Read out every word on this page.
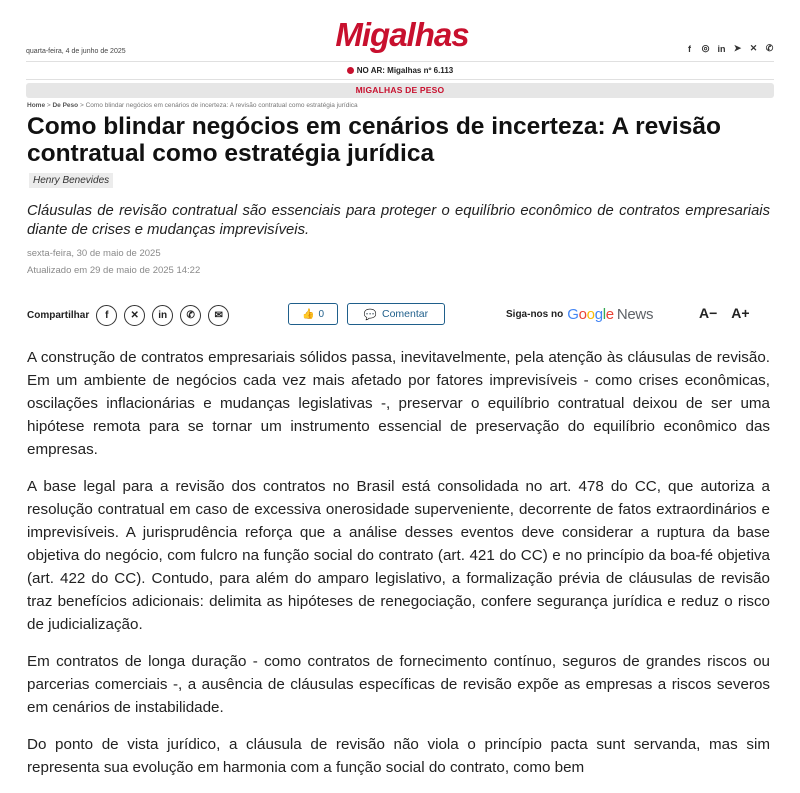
quarta-feira, 4 de junho de 2025	Migalhas	f	◎ in ➤ ✕ ✆
NO AR: Migalhas nº 6.113
MIGALHAS DE PESO
Home > De Peso > Como blindar negócios em cenários de incerteza: A revisão contratual como estratégia jurídica
Como blindar negócios em cenários de incerteza: A revisão contratual como estratégia jurídica
Henry Benevides

Cláusulas de revisão contratual são essenciais para proteger o equilíbrio econômico de contratos empresariais diante de crises e mudanças imprevisíveis.

sexta-feira, 30 de maio de 2025
Atualizado em 29 de maio de 2025 14:22
Compartilhar	f	✕	in	✆	✉	👍 0	💬 Comentar	Siga-nos no Google News	A− A+

A construção de contratos empresariais sólidos passa, inevitavelmente, pela atenção às cláusulas de revisão. Em um ambiente de negócios cada vez mais afetado por fatores imprevisíveis - como crises econômicas, oscilações inflacionárias e mudanças legislativas -, preservar o equilíbrio contratual deixou de ser uma hipótese remota para se tornar um instrumento essencial de preservação do equilíbrio econômico das empresas.

A base legal para a revisão dos contratos no Brasil está consolidada no art. 478 do CC, que autoriza a resolução contratual em caso de excessiva onerosidade superveniente, decorrente de fatos extraordinários e imprevisíveis. A jurisprudência reforça que a análise desses eventos deve considerar a ruptura da base objetiva do negócio, com fulcro na função social do contrato (art. 421 do CC) e no princípio da boa-fé objetiva (art. 422 do CC). Contudo, para além do amparo legislativo, a formalização prévia de cláusulas de revisão traz benefícios adicionais: delimita as hipóteses de renegociação, confere segurança jurídica e reduz o risco de judicialização.

Em contratos de longa duração - como contratos de fornecimento contínuo, seguros de grandes riscos ou parcerias comerciais -, a ausência de cláusulas específicas de revisão expõe as empresas a riscos severos em cenários de instabilidade.

Do ponto de vista jurídico, a cláusula de revisão não viola o princípio pacta sunt servanda, mas sim representa sua evolução em harmonia com a função social do contrato, como bem
